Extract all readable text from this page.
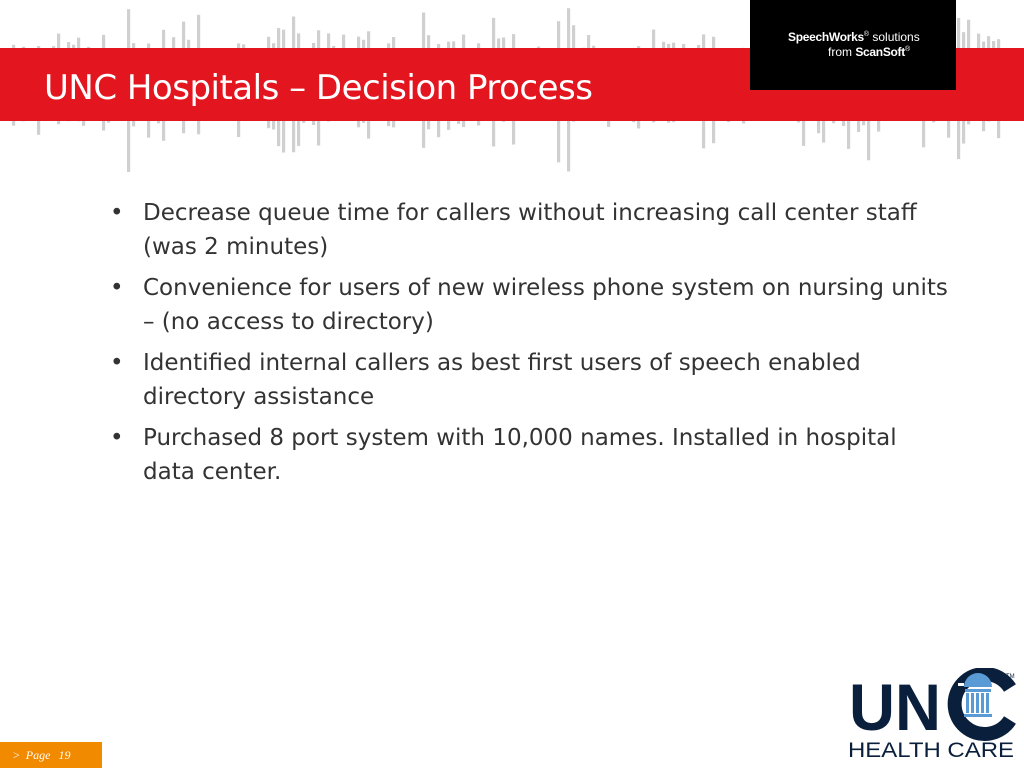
UNC Hospitals – Decision Process
SpeechWorks® solutions
from ScanSoft®
• Decrease queue time for callers without increasing call center staff (was 2 minutes)
• Convenience for users of new wireless phone system on nursing units – (no access to directory)
• Identified internal callers as best first users of speech enabled directory assistance
• Purchased 8 port system with 10,000 names. Installed in hospital data center.
UN	TM
HEALTH CARE
> Page 19
